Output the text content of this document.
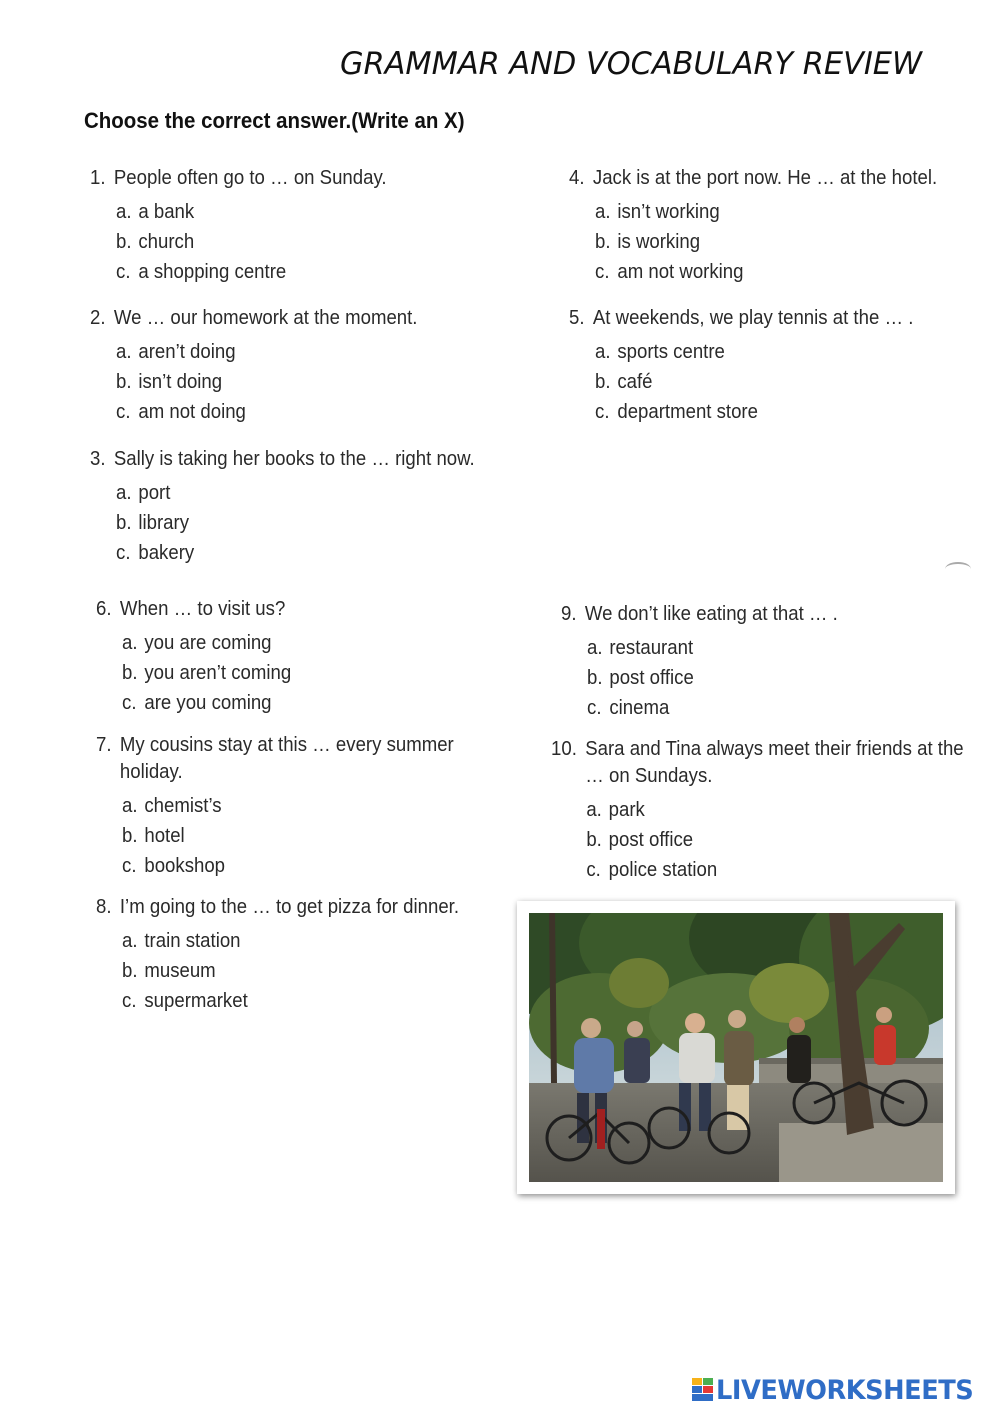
GRAMMAR AND VOCABULARY REVIEW
Choose the correct answer.(Write an X)
1. People often go to … on Sunday.
a. a bank
b. church
c. a shopping centre
2. We … our homework at the moment.
a. aren’t doing
b. isn’t doing
c. am not doing
3. Sally is taking her books to the … right now.
a. port
b. library
c. bakery
4. Jack is at the port now. He … at the hotel.
a. isn’t working
b. is working
c. am not working
5. At weekends, we play tennis at the … .
a. sports centre
b. café
c. department store
6. When … to visit us?
a. you are coming
b. you aren’t coming
c. are you coming
7. My cousins stay at this … every summer holiday.
a. chemist’s
b. hotel
c. bookshop
8. I’m going to the … to get pizza for dinner.
a. train station
b. museum
c. supermarket
9. We don’t like eating at that … .
a. restaurant
b. post office
c. cinema
10. Sara and Tina always meet their friends at the … on Sundays.
a. park
b. post office
c. police station
LIVEWORKSHEETS
